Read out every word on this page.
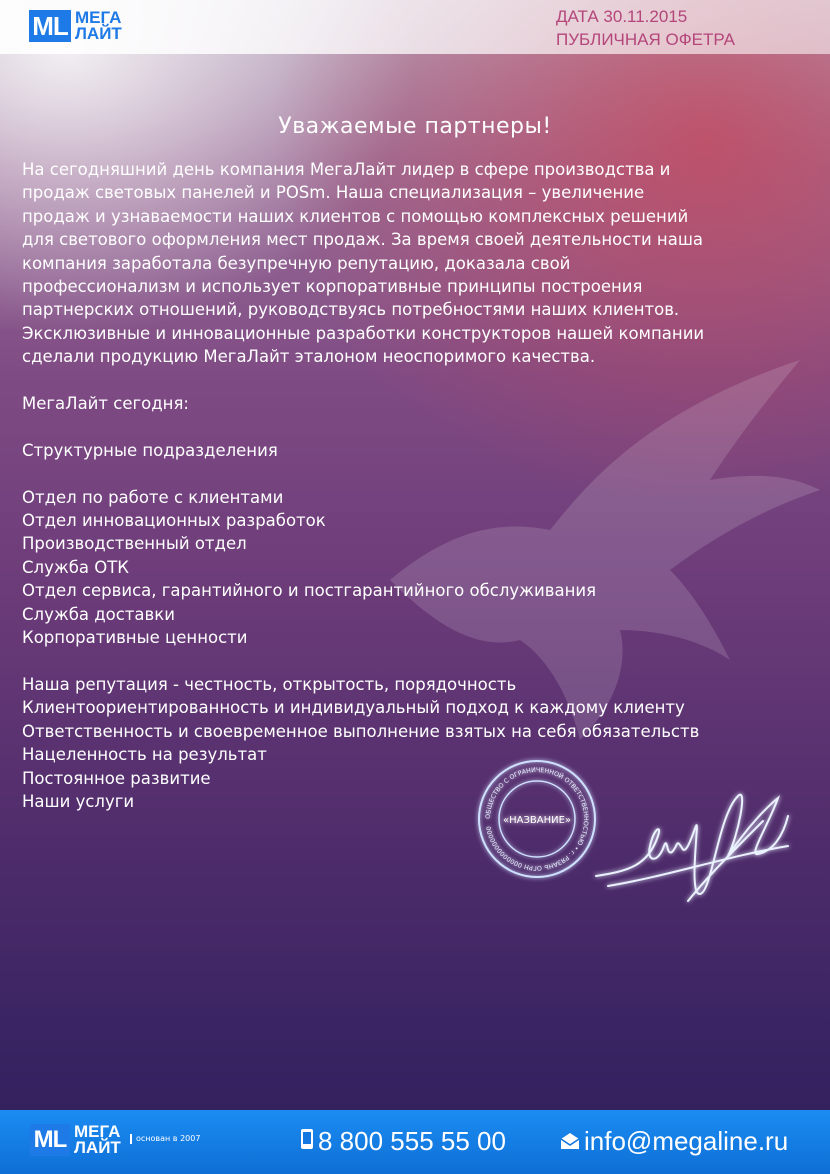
ML МЕГА
ЛАЙТ
ДАТА 30.11.2015
ПУБЛИЧНАЯ ОФЕТРА
Уважаемые партнеры!

На сегодняшний день компания МегаЛайт лидер в сфере производства и

продаж световых панелей и POSm. Наша специализация – увеличение

продаж и узнаваемости наших клиентов с помощью комплексных решений

для светового оформления мест продаж. За время своей деятельности наша

компания заработала безупречную репутацию, доказала свой

профессионализм и использует корпоративные принципы построения

партнерских отношений, руководствуясь потребностями наших клиентов.

Эксклюзивные и инновационные разработки конструкторов нашей компании

сделали продукцию МегаЛайт эталоном неоспоримого качества.

МегаЛайт сегодня:

Структурные подразделения

Отдел по работе с клиентами

Отдел инновационных разработок

Производственный отдел

Служба ОТК

Отдел сервиса, гарантийного и постгарантийного обслуживания

Служба доставки

Корпоративные ценности

Наша репутация - честность, открытость, порядочность

Клиентоориентированность и индивидуальный подход к каждому клиенту

Ответственность и своевременное выполнение взятых на себя обязательств

Нацеленность на результат

Постоянное развитие

Наши услуги

ОБЩЕСТВО С ОГРАНИЧЕННОЙ ОТВЕТСТВЕННОСТЬЮ • г. РЯЗАНЬ ОГРН 0000000000000
«НАЗВАНИЕ»
ML МЕГА
ЛАЙТ	основан в 2007	8 800 555 55 00	info@megaline.ru
